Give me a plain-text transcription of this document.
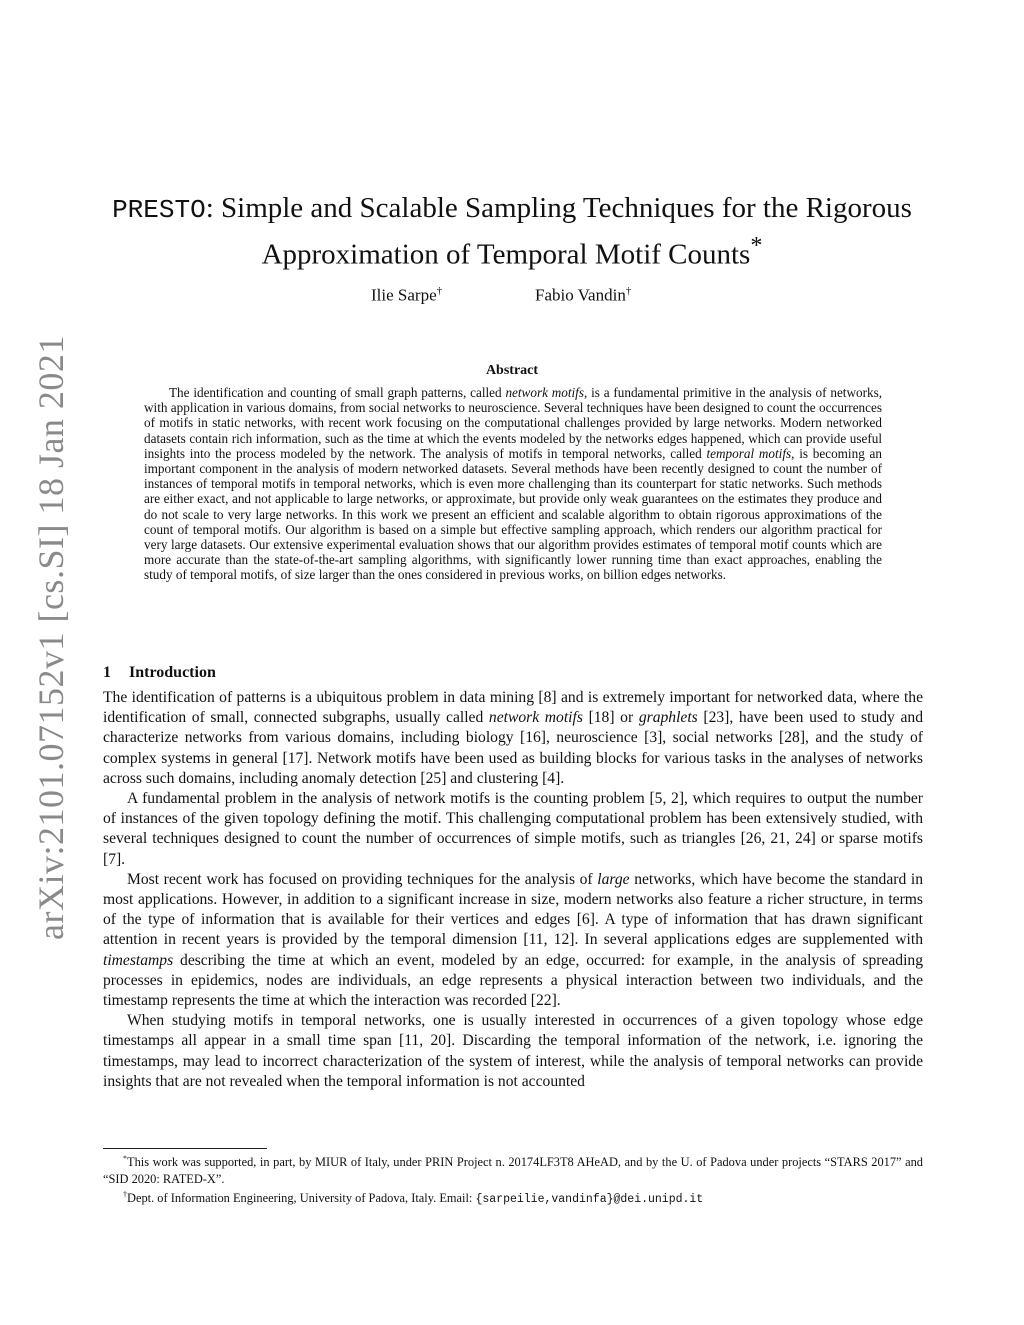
arXiv:2101.07152v1 [cs.SI] 18 Jan 2021
PRESTO: Simple and Scalable Sampling Techniques for the Rigorous Approximation of Temporal Motif Counts*
Ilie Sarpe†	Fabio Vandin†
Abstract

The identification and counting of small graph patterns, called network motifs, is a fundamental primitive in the analysis of networks, with application in various domains, from social networks to neuroscience. Several techniques have been designed to count the occurrences of motifs in static networks, with recent work focusing on the computational challenges provided by large networks. Modern networked datasets contain rich information, such as the time at which the events modeled by the networks edges happened, which can provide useful insights into the process modeled by the network. The analysis of motifs in temporal networks, called temporal motifs, is becoming an important component in the analysis of modern networked datasets. Several methods have been recently designed to count the number of instances of temporal motifs in temporal networks, which is even more challenging than its counterpart for static networks. Such methods are either exact, and not applicable to large networks, or approximate, but provide only weak guarantees on the estimates they produce and do not scale to very large networks. In this work we present an efficient and scalable algorithm to obtain rigorous approximations of the count of temporal motifs. Our algorithm is based on a simple but effective sampling approach, which renders our algorithm practical for very large datasets. Our extensive experimental evaluation shows that our algorithm provides estimates of temporal motif counts which are more accurate than the state-of-the-art sampling algorithms, with significantly lower running time than exact approaches, enabling the study of temporal motifs, of size larger than the ones considered in previous works, on billion edges networks.

1 Introduction

The identification of patterns is a ubiquitous problem in data mining [8] and is extremely important for networked data, where the identification of small, connected subgraphs, usually called network motifs [18] or graphlets [23], have been used to study and characterize networks from various domains, including biology [16], neuroscience [3], social networks [28], and the study of complex systems in general [17]. Network motifs have been used as building blocks for various tasks in the analyses of networks across such domains, including anomaly detection [25] and clustering [4].

A fundamental problem in the analysis of network motifs is the counting problem [5, 2], which requires to output the number of instances of the given topology defining the motif. This challenging computational problem has been extensively studied, with several techniques designed to count the number of occurrences of simple motifs, such as triangles [26, 21, 24] or sparse motifs [7].

Most recent work has focused on providing techniques for the analysis of large networks, which have become the standard in most applications. However, in addition to a significant increase in size, modern networks also feature a richer structure, in terms of the type of information that is available for their vertices and edges [6]. A type of information that has drawn significant attention in recent years is provided by the temporal dimension [11, 12]. In several applications edges are supplemented with timestamps describing the time at which an event, modeled by an edge, occurred: for example, in the analysis of spreading processes in epidemics, nodes are individuals, an edge represents a physical interaction between two individuals, and the timestamp represents the time at which the interaction was recorded [22].

When studying motifs in temporal networks, one is usually interested in occurrences of a given topology whose edge timestamps all appear in a small time span [11, 20]. Discarding the temporal information of the network, i.e. ignoring the timestamps, may lead to incorrect characterization of the system of interest, while the analysis of temporal networks can provide insights that are not revealed when the temporal information is not accounted

*This work was supported, in part, by MIUR of Italy, under PRIN Project n. 20174LF3T8 AHeAD, and by the U. of Padova under projects “STARS 2017” and “SID 2020: RATED-X”.

†Dept. of Information Engineering, University of Padova, Italy. Email: {sarpeilie,vandinfa}@dei.unipd.it
